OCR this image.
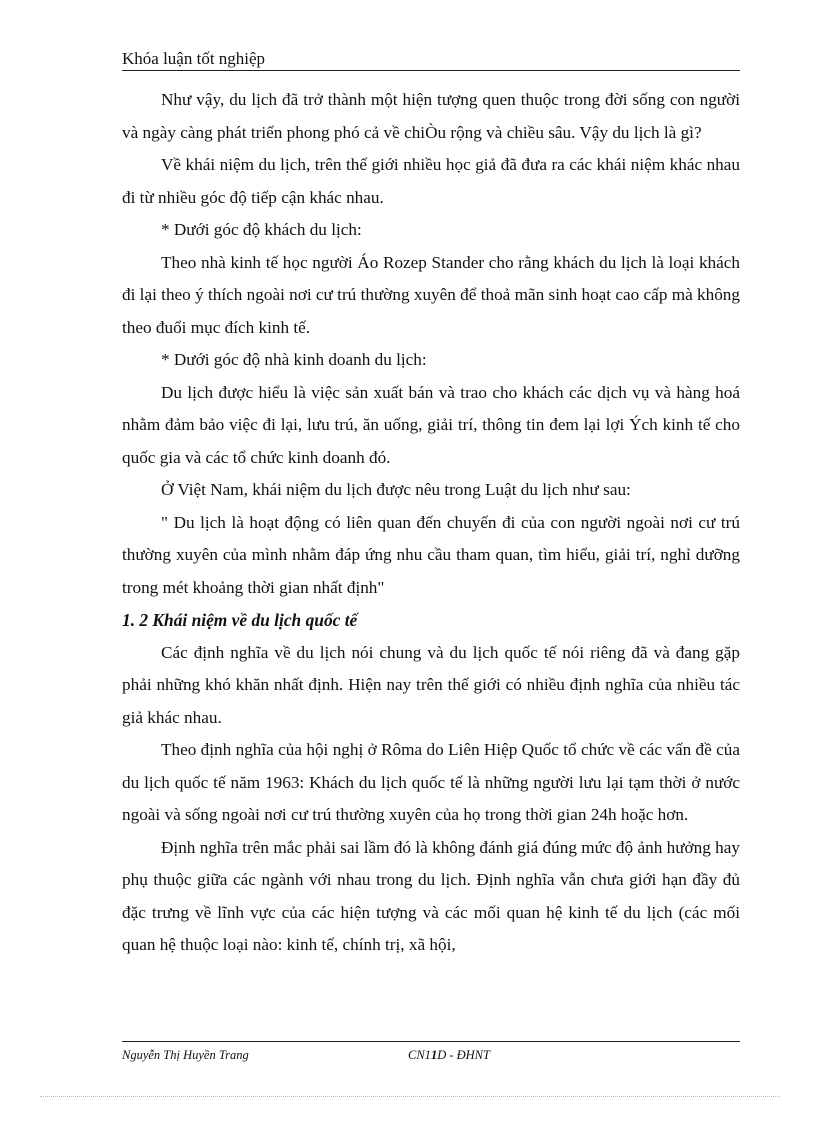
Khóa luận tốt nghiệp

Như vậy, du lịch đã trở thành một hiện tượng quen thuộc trong đời sống con người và ngày càng phát triển phong phó cả về chiÒu rộng và chiều sâu. Vậy du lịch là gì?

Về khái niệm du lịch, trên thế giới nhiều học giả đã đưa ra các khái niệm khác nhau đi từ nhiều góc độ tiếp cận khác nhau.

* Dưới góc độ khách du lịch:

Theo nhà kinh tế học người Áo Rozep Stander cho rằng khách du lịch là loại khách đi lại theo ý thích ngoài nơi cư trú thường xuyên để thoả mãn sinh hoạt cao cấp mà không theo đuổi mục đích kinh tế.

* Dưới góc độ nhà kinh doanh du lịch:

Du lịch được hiểu là việc sản xuất bán và trao cho khách các dịch vụ và hàng hoá nhằm đảm bảo việc đi lại, lưu trú, ăn uống, giải trí, thông tin đem lại lợi Ých kinh tế cho quốc gia và các tổ chức kinh doanh đó.

Ở Việt Nam, khái niệm du lịch được nêu trong Luật du lịch như sau:

" Du lịch là hoạt động có liên quan đến chuyến đi của con người ngoài nơi cư trú thường xuyên của mình nhằm đáp ứng nhu cầu tham quan, tìm hiểu, giải trí, nghỉ dưỡng trong mét khoảng thời gian nhất định"

1. 2 Khái niệm về du lịch quốc tế

Các định nghĩa về du lịch nói chung và du lịch quốc tế nói riêng đã và đang gặp phải những khó khăn nhất định. Hiện nay trên thế giới có nhiều định nghĩa của nhiều tác giả khác nhau.

Theo định nghĩa của hội nghị ở Rôma do Liên Hiệp Quốc tổ chức về các vấn đề của du lịch quốc tế năm 1963: Khách du lịch quốc tế là những người lưu lại tạm thời ở nước ngoài và sống ngoài nơi cư trú thường xuyên của họ trong thời gian 24h hoặc hơn.

Định nghĩa trên mắc phải sai lầm đó là không đánh giá đúng mức độ ảnh hưởng hay phụ thuộc giữa các ngành với nhau trong du lịch. Định nghĩa vẫn chưa giới hạn đầy đủ đặc trưng về lĩnh vực của các hiện tượng và các mối quan hệ kinh tế du lịch (các mối quan hệ thuộc loại nào: kinh tế, chính trị, xã hội,

Nguyễn Thị Huyền Trang	CN11D - ĐHNT
